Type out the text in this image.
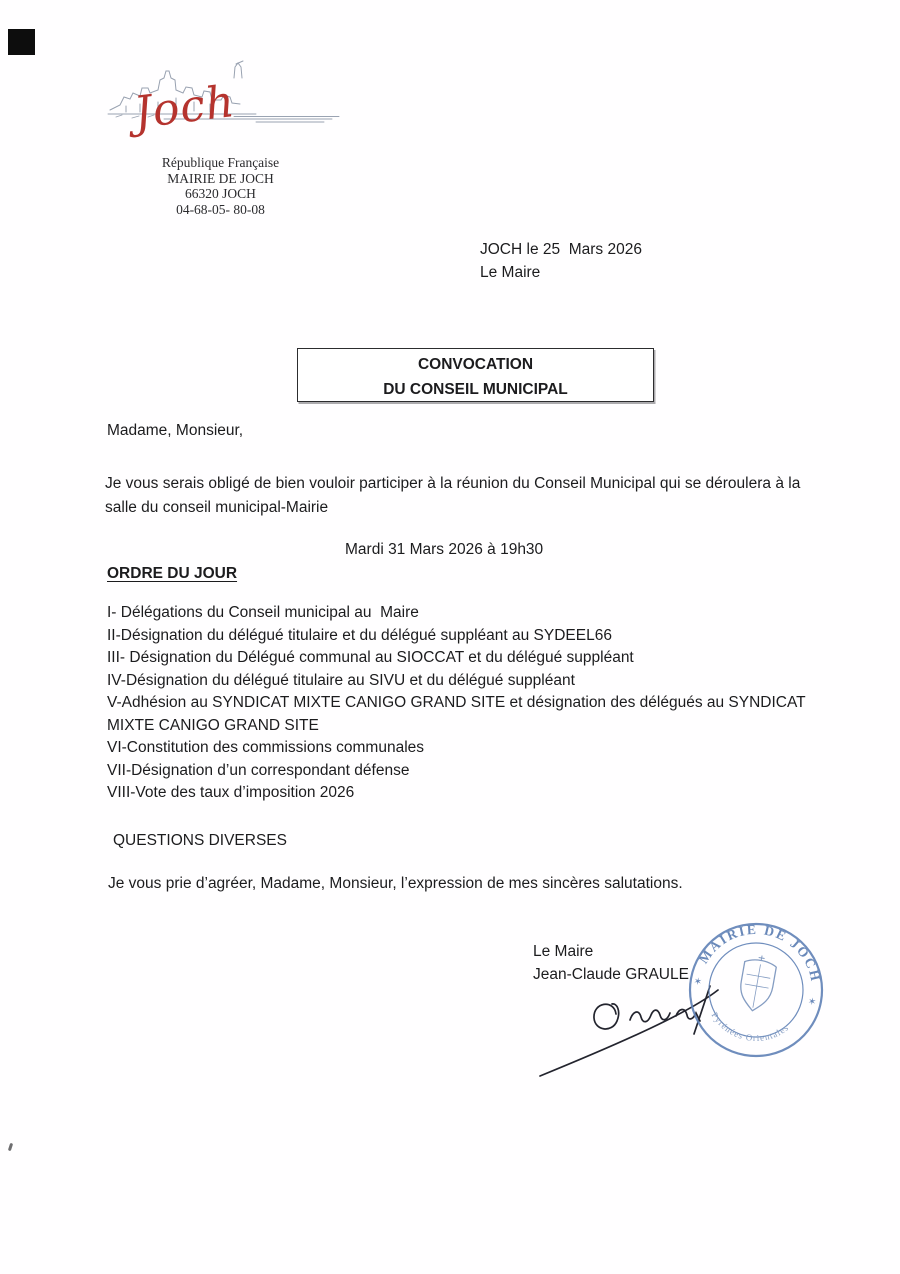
Joch
République Française
MAIRIE DE JOCH
66320 JOCH
04-68-05- 80-08
JOCH le 25  Mars 2026
Le Maire
CONVOCATION
DU CONSEIL MUNICIPAL
Madame, Monsieur,
Je vous serais obligé de bien vouloir participer à la réunion du Conseil Municipal qui se déroulera à la salle du conseil municipal-Mairie
Mardi 31 Mars 2026 à 19h30
ORDRE DU JOUR
I- Délégations du Conseil municipal au  Maire
II-Désignation du délégué titulaire et du délégué suppléant au SYDEEL66
III- Désignation du Délégué communal au SIOCCAT et du délégué suppléant
IV-Désignation du délégué titulaire au SIVU et du délégué suppléant
V-Adhésion au SYNDICAT MIXTE CANIGO GRAND SITE et désignation des délégués au SYNDICAT MIXTE CANIGO GRAND SITE
VI-Constitution des commissions communales
VII-Désignation d’un correspondant défense
VIII-Vote des taux d’imposition 2026
QUESTIONS DIVERSES
Je vous prie d’agréer, Madame, Monsieur, l’expression de mes sincères salutations.
Le Maire
Jean-Claude GRAULE
MAIRIE DE JOCH
Pyrénées Orientales
✶
✶
